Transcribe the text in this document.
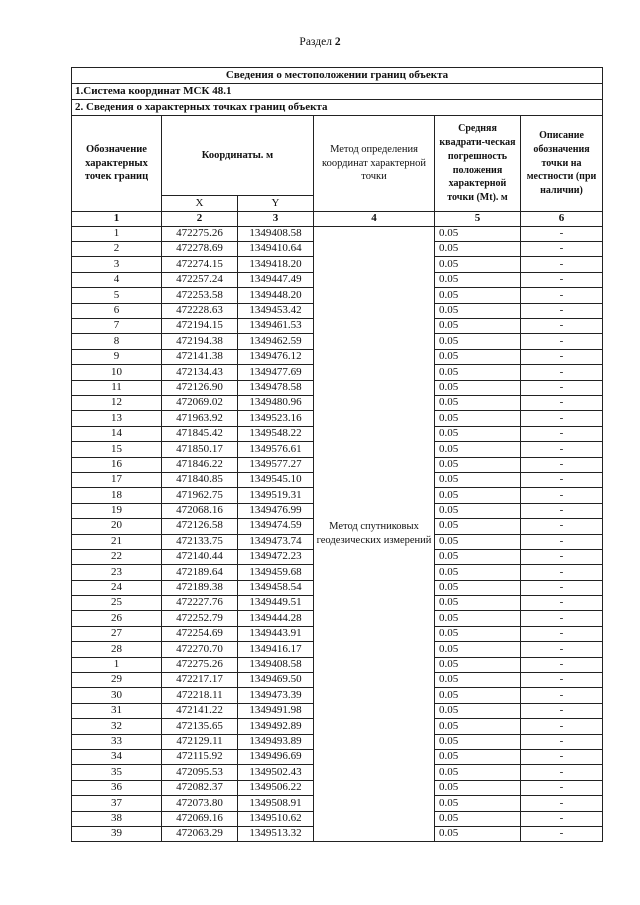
Раздел 2
Сведения о местоположении границ объекта					
1.Система координат МСК 48.1					
2. Сведения о характерных точках границ объекта					
Обозначение характерных точек границ	Координаты. м		Метод определения координат характерной точки	Средняя квадрати-ческая погрешность положения характерной точки (Mt). м	Описание обозначения точки на местности (при наличии)
	X	Y			
1	2	3	4	5	6
1	472275.26	1349408.58	Метод спутниковых геодезических измерений	0.05	-
2	472278.69	1349410.64		0.05	-
3	472274.15	1349418.20		0.05	-
4	472257.24	1349447.49		0.05	-
5	472253.58	1349448.20		0.05	-
6	472228.63	1349453.42		0.05	-
7	472194.15	1349461.53		0.05	-
8	472194.38	1349462.59		0.05	-
9	472141.38	1349476.12		0.05	-
10	472134.43	1349477.69		0.05	-
11	472126.90	1349478.58		0.05	-
12	472069.02	1349480.96		0.05	-
13	471963.92	1349523.16		0.05	-
14	471845.42	1349548.22		0.05	-
15	471850.17	1349576.61		0.05	-
16	471846.22	1349577.27		0.05	-
17	471840.85	1349545.10		0.05	-
18	471962.75	1349519.31		0.05	-
19	472068.16	1349476.99		0.05	-
20	472126.58	1349474.59		0.05	-
21	472133.75	1349473.74		0.05	-
22	472140.44	1349472.23		0.05	-
23	472189.64	1349459.68		0.05	-
24	472189.38	1349458.54		0.05	-
25	472227.76	1349449.51		0.05	-
26	472252.79	1349444.28		0.05	-
27	472254.69	1349443.91		0.05	-
28	472270.70	1349416.17		0.05	-
1	472275.26	1349408.58		0.05	-
29	472217.17	1349469.50		0.05	-
30	472218.11	1349473.39		0.05	-
31	472141.22	1349491.98		0.05	-
32	472135.65	1349492.89		0.05	-
33	472129.11	1349493.89		0.05	-
34	472115.92	1349496.69		0.05	-
35	472095.53	1349502.43		0.05	-
36	472082.37	1349506.22		0.05	-
37	472073.80	1349508.91		0.05	-
38	472069.16	1349510.62		0.05	-
39	472063.29	1349513.32		0.05	-
